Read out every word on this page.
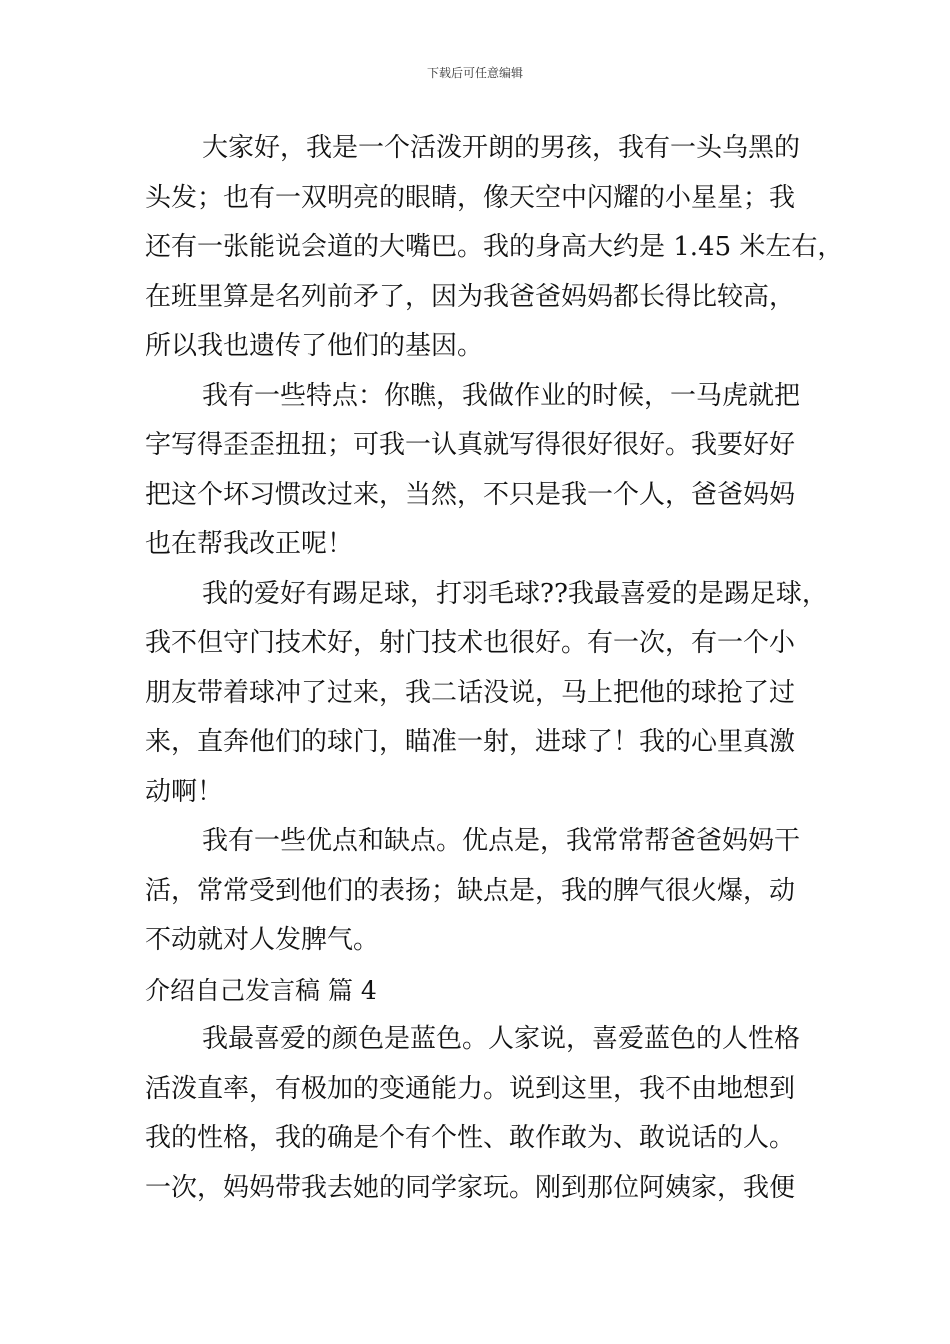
下载后可任意编辑
大家好，我是一个活泼开朗的男孩，我有一头乌黑的
头发；也有一双明亮的眼睛，像天空中闪耀的小星星；我
还有一张能说会道的大嘴巴。我的身高大约是 1.45 米左右，
在班里算是名列前矛了，因为我爸爸妈妈都长得比较高，
所以我也遗传了他们的基因。
我有一些特点：你瞧，我做作业的时候，一马虎就把
字写得歪歪扭扭；可我一认真就写得很好很好。我要好好
把这个坏习惯改过来，当然，不只是我一个人，爸爸妈妈
也在帮我改正呢！
我的爱好有踢足球，打羽毛球??我最喜爱的是踢足球，
我不但守门技术好，射门技术也很好。有一次，有一个小
朋友带着球冲了过来，我二话没说，马上把他的球抢了过
来，直奔他们的球门，瞄准一射，进球了！我的心里真激
动啊！
我有一些优点和缺点。优点是，我常常帮爸爸妈妈干
活，常常受到他们的表扬；缺点是，我的脾气很火爆，动
不动就对人发脾气。
介绍自己发言稿 篇 4
我最喜爱的颜色是蓝色。人家说，喜爱蓝色的人性格
活泼直率，有极加的变通能力。说到这里，我不由地想到
我的性格，我的确是个有个性、敢作敢为、敢说话的人。
一次，妈妈带我去她的同学家玩。刚到那位阿姨家，我便
